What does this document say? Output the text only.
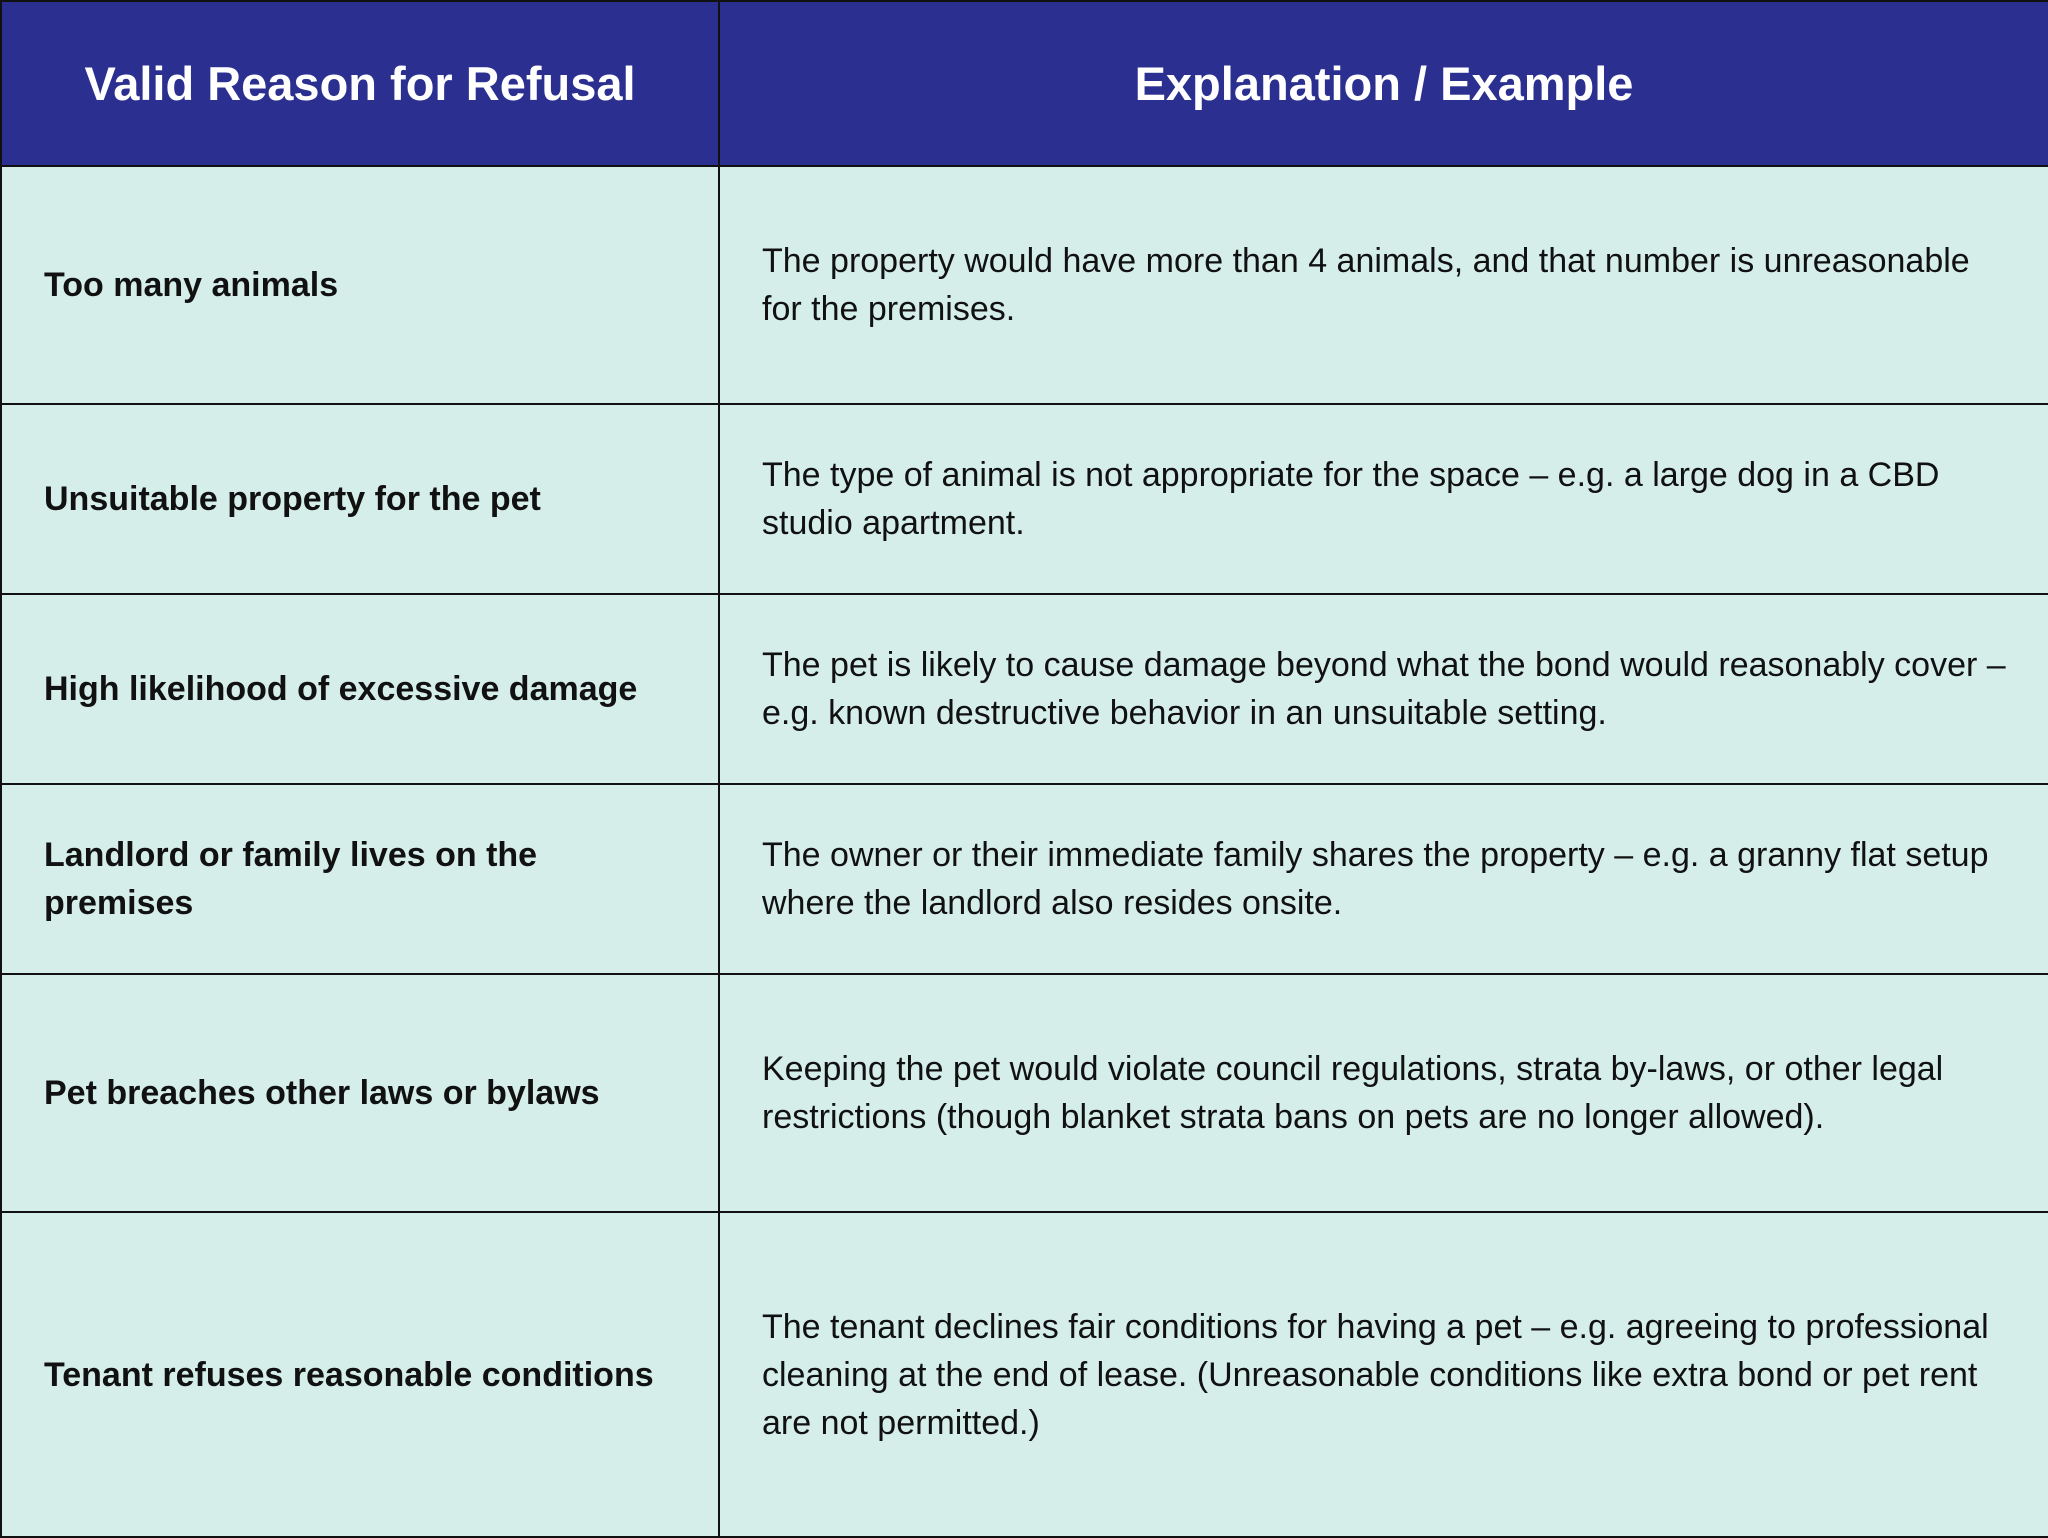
Valid Reason for Refusal	Explanation / Example
Too many animals	The property would have more than 4 animals, and that number is unreasonable for the premises.
Unsuitable property for the pet	The type of animal is not appropriate for the space – e.g. a large dog in a CBD studio apartment.
High likelihood of excessive damage	The pet is likely to cause damage beyond what the bond would reasonably cover – e.g. known destructive behavior in an unsuitable setting.
Landlord or family lives on the premises	The owner or their immediate family shares the property – e.g. a granny flat setup where the landlord also resides onsite.
Pet breaches other laws or bylaws	Keeping the pet would violate council regulations, strata by-laws, or other legal restrictions (though blanket strata bans on pets are no longer allowed).
Tenant refuses reasonable conditions	The tenant declines fair conditions for having a pet – e.g. agreeing to professional cleaning at the end of lease. (Unreasonable conditions like extra bond or pet rent are not permitted.)
